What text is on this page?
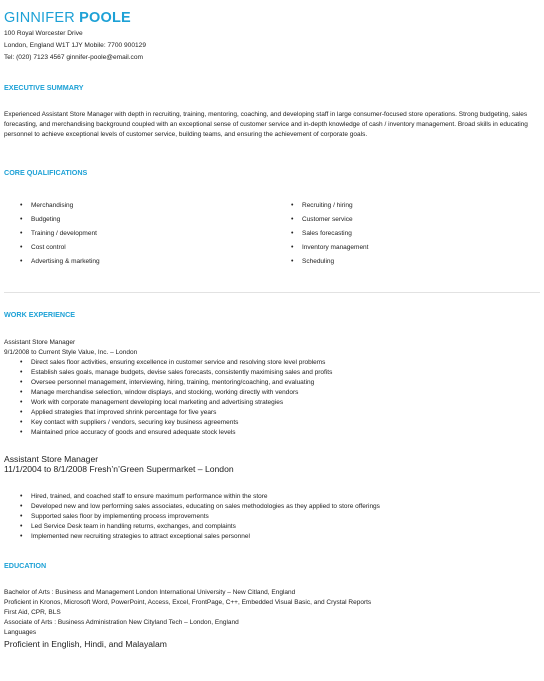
GINNIFER POOLE
100 Royal Worcester Drive
London, England W1T 1JY Mobile: 7700 900129
Tel: (020) 7123 4567 ginnifer-poole@email.com
EXECUTIVE SUMMARY
Experienced Assistant Store Manager with depth in recruiting, training, mentoring, coaching, and developing staff in large consumer-focused store operations. Strong budgeting, sales forecasting, and merchandising background coupled with an exceptional sense of customer service and in-depth knowledge of cash / inventory management. Broad skills in educating personnel to achieve exceptional levels of customer service, building teams, and ensuring the achievement of corporate goals.
CORE QUALIFICATIONS
• Merchandising
• Budgeting
• Training / development
• Cost control
• Advertising & marketing
• Recruiting / hiring
• Customer service
• Sales forecasting
• Inventory management
• Scheduling
WORK EXPERIENCE
Assistant Store Manager
9/1/2008 to Current Style Value, Inc. – London
• Direct sales floor activities, ensuring excellence in customer service and resolving store level problems
• Establish sales goals, manage budgets, devise sales forecasts, consistently maximising sales and profits
• Oversee personnel management, interviewing, hiring, training, mentoring/coaching, and evaluating
• Manage merchandise selection, window displays, and stocking, working directly with vendors
• Work with corporate management developing local marketing and advertising strategies
• Applied strategies that improved shrink percentage for five years
• Key contact with suppliers / vendors, securing key business agreements
• Maintained price accuracy of goods and ensured adequate stock levels
Assistant Store Manager
11/1/2004 to 8/1/2008 Fresh’n’Green Supermarket – London
• Hired, trained, and coached staff to ensure maximum performance within the store
• Developed new and low performing sales associates, educating on sales methodologies as they applied to store offerings
• Supported sales floor by implementing process improvements
• Led Service Desk team in handling returns, exchanges, and complaints
• Implemented new recruiting strategies to attract exceptional sales personnel
EDUCATION
Bachelor of Arts : Business and Management London International University – New Citland, England
Proficient in Kronos, Microsoft Word, PowerPoint, Access, Excel, FrontPage, C++, Embedded Visual Basic, and Crystal Reports
First Aid, CPR, BLS
Associate of Arts : Business Administration New Cityland Tech – London, England
Languages
Proficient in English, Hindi, and Malayalam
